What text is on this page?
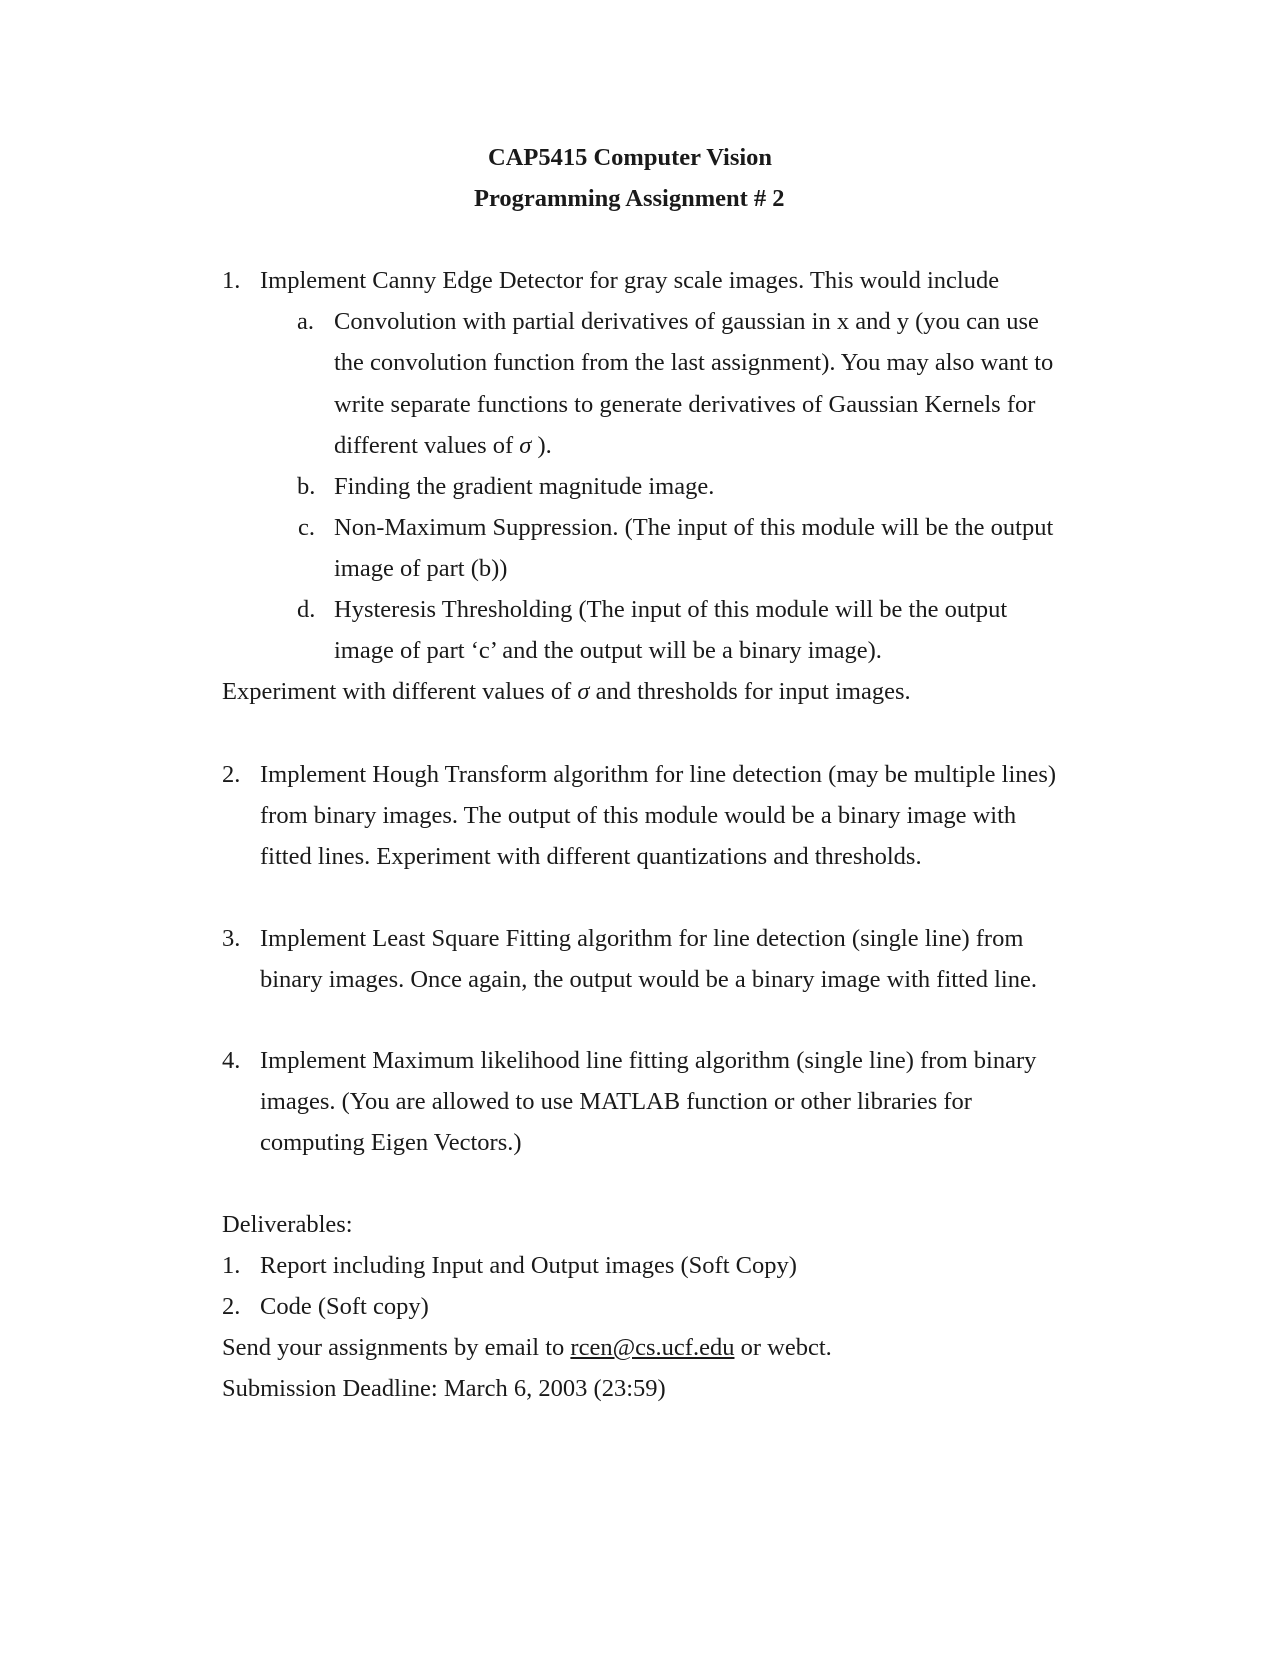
CAP5415 Computer Vision
Programming Assignment # 2
1. Implement Canny Edge Detector for gray scale images. This would include
a. Convolution with partial derivatives of gaussian in x and y (you can use
the convolution function from the last assignment). You may also want to
write separate functions to generate derivatives of Gaussian Kernels for
different values of σ ).
b. Finding the gradient magnitude image.
c. Non-Maximum Suppression. (The input of this module will be the output
image of part (b))
d. Hysteresis Thresholding (The input of this module will be the output
image of part ‘c’ and the output will be a binary image).
Experiment with different values of σ and thresholds for input images.
2. Implement Hough Transform algorithm for line detection (may be multiple lines)
from binary images. The output of this module would be a binary image with
fitted lines. Experiment with different quantizations and thresholds.
3. Implement Least Square Fitting algorithm for line detection (single line) from
binary images. Once again, the output would be a binary image with fitted line.
4. Implement Maximum likelihood line fitting algorithm (single line) from binary
images. (You are allowed to use MATLAB function or other libraries for
computing Eigen Vectors.)
Deliverables:
1. Report including Input and Output images (Soft Copy)
2. Code (Soft copy)
Send your assignments by email to rcen@cs.ucf.edu or webct.
Submission Deadline: March 6, 2003 (23:59)
